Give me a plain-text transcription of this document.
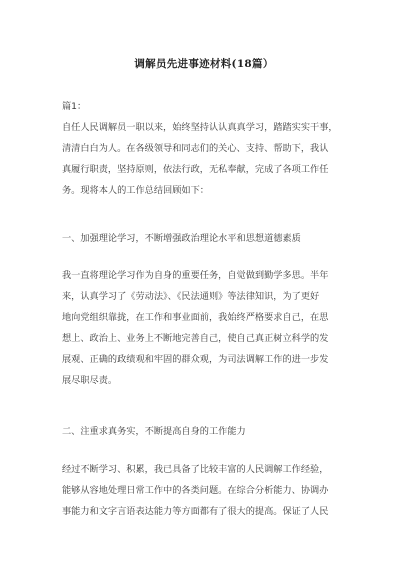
调解员先进事迹材料(18篇）
篇1：
自任人民调解员一职以来，始终坚持认认真真学习，踏踏实实干事，
清清白白为人。在各级领导和同志们的关心、支持、帮助下，我认
真履行职责，坚持原则，依法行政，无私奉献，完成了各项工作任
务。现将本人的工作总结回顾如下：
一、加强理论学习，不断增强政治理论水平和思想道德素质
我一直将理论学习作为自身的重要任务，自觉做到勤学多思。半年
来，认真学习了《劳动法》、《民法通则》等法律知识，为了更好
地向党组织靠拢，在工作和事业面前，我始终严格要求自己，在思
想上、政治上、业务上不断地完善自己，使自己真正树立科学的发
展观、正确的政绩观和牢固的群众观，为司法调解工作的进一步发
展尽职尽责。
二、注重求真务实，不断提高自身的工作能力
经过不断学习、积累，我已具备了比较丰富的人民调解工作经验，
能够从容地处理日常工作中的各类问题。在综合分析能力、协调办
事能力和文字言语表达能力等方面都有了很大的提高。保证了人民
